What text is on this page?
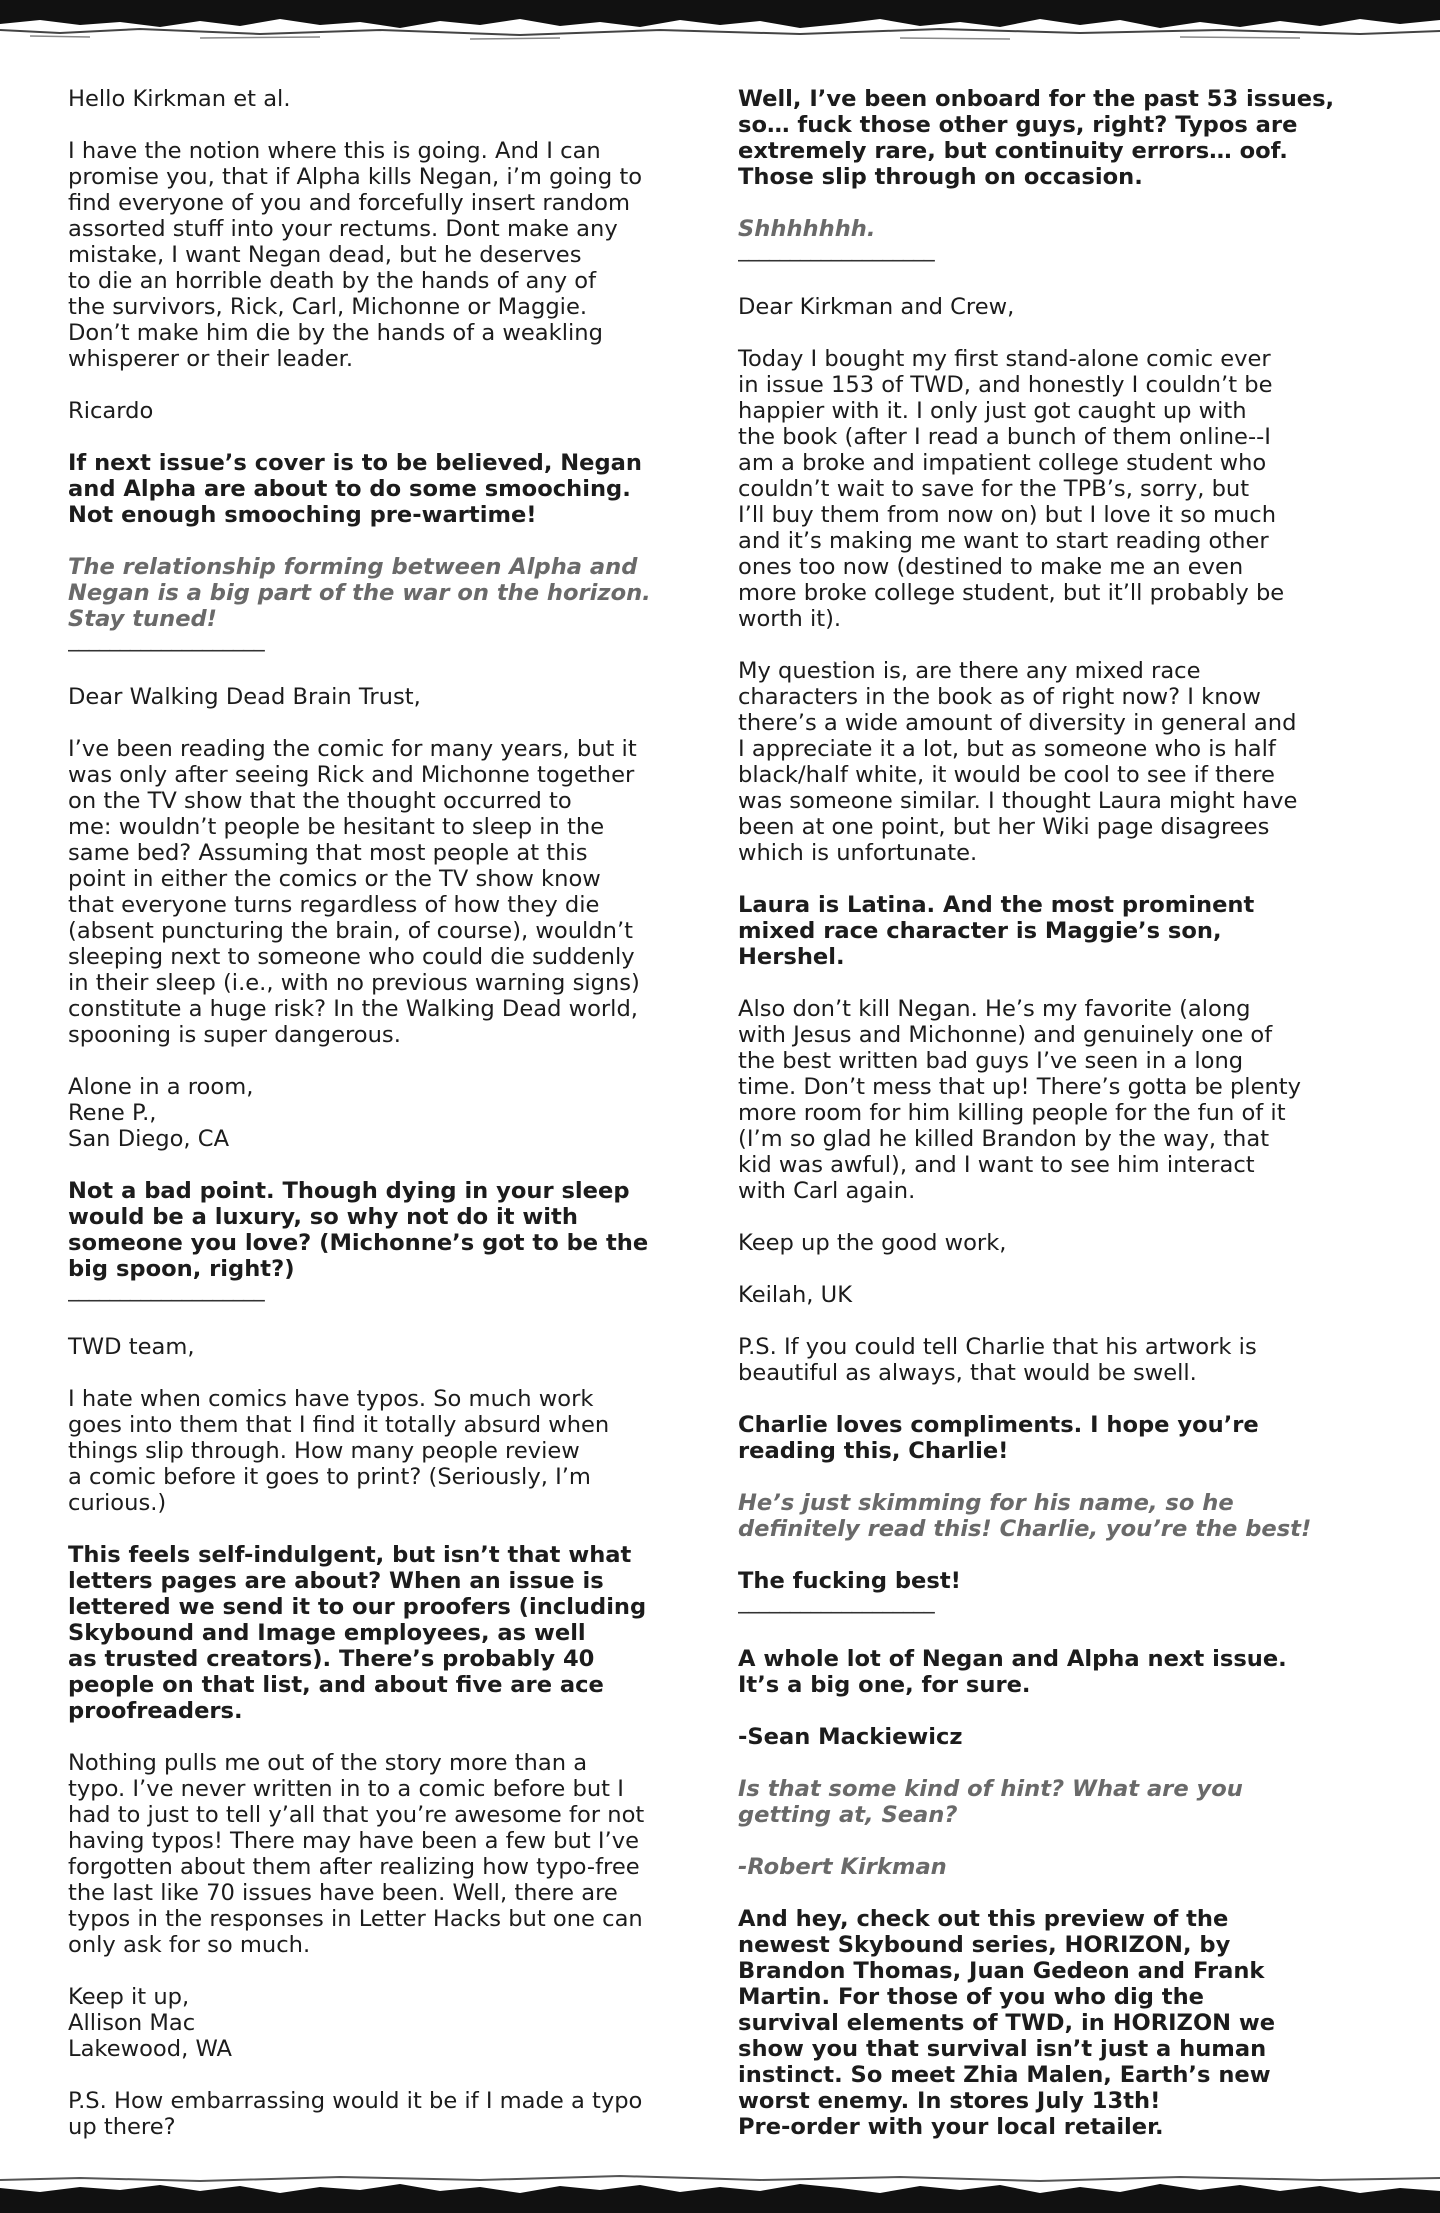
Hello Kirkman et al.

I have the notion where this is going. And I can
promise you, that if Alpha kills Negan, i’m going to
find everyone of you and forcefully insert random
assorted stuff into your rectums. Dont make any
mistake, I want Negan dead, but he deserves
to die an horrible death by the hands of any of
the survivors, Rick, Carl, Michonne or Maggie.
Don’t make him die by the hands of a weakling
whisperer or their leader.

Ricardo

If next issue’s cover is to be believed, Negan
and Alpha are about to do some smooching.
Not enough smooching pre-wartime!

The relationship forming between Alpha and
Negan is a big part of the war on the horizon.
Stay tuned!

___________________

Dear Walking Dead Brain Trust,

I’ve been reading the comic for many years, but it
was only after seeing Rick and Michonne together
on the TV show that the thought occurred to
me: wouldn’t people be hesitant to sleep in the
same bed? Assuming that most people at this
point in either the comics or the TV show know
that everyone turns regardless of how they die
(absent puncturing the brain, of course), wouldn’t
sleeping next to someone who could die suddenly
in their sleep (i.e., with no previous warning signs)
constitute a huge risk? In the Walking Dead world,
spooning is super dangerous.

Alone in a room,
Rene P.,
San Diego, CA

Not a bad point. Though dying in your sleep
would be a luxury, so why not do it with
someone you love? (Michonne’s got to be the
big spoon, right?)

___________________

TWD team,

I hate when comics have typos. So much work
goes into them that I find it totally absurd when
things slip through. How many people review
a comic before it goes to print? (Seriously, I’m
curious.)

This feels self-indulgent, but isn’t that what
letters pages are about? When an issue is
lettered we send it to our proofers (including
Skybound and Image employees, as well
as trusted creators). There’s probably 40
people on that list, and about five are ace
proofreaders.

Nothing pulls me out of the story more than a
typo. I’ve never written in to a comic before but I
had to just to tell y’all that you’re awesome for not
having typos! There may have been a few but I’ve
forgotten about them after realizing how typo-free
the last like 70 issues have been. Well, there are
typos in the responses in Letter Hacks but one can
only ask for so much.

Keep it up,
Allison Mac
Lakewood, WA

P.S. How embarrassing would it be if I made a typo
up there?

Well, I’ve been onboard for the past 53 issues,
so… fuck those other guys, right? Typos are
extremely rare, but continuity errors… oof.
Those slip through on occasion.

Shhhhhhh.

___________________

Dear Kirkman and Crew,

Today I bought my first stand-alone comic ever
in issue 153 of TWD, and honestly I couldn’t be
happier with it. I only just got caught up with
the book (after I read a bunch of them online--I
am a broke and impatient college student who
couldn’t wait to save for the TPB’s, sorry, but
I’ll buy them from now on) but I love it so much
and it’s making me want to start reading other
ones too now (destined to make me an even
more broke college student, but it’ll probably be
worth it).

My question is, are there any mixed race
characters in the book as of right now? I know
there’s a wide amount of diversity in general and
I appreciate it a lot, but as someone who is half
black/half white, it would be cool to see if there
was someone similar. I thought Laura might have
been at one point, but her Wiki page disagrees
which is unfortunate.

Laura is Latina. And the most prominent
mixed race character is Maggie’s son,
Hershel.

Also don’t kill Negan. He’s my favorite (along
with Jesus and Michonne) and genuinely one of
the best written bad guys I’ve seen in a long
time. Don’t mess that up! There’s gotta be plenty
more room for him killing people for the fun of it
(I’m so glad he killed Brandon by the way, that
kid was awful), and I want to see him interact
with Carl again.

Keep up the good work,

Keilah, UK

P.S. If you could tell Charlie that his artwork is
beautiful as always, that would be swell.

Charlie loves compliments. I hope you’re
reading this, Charlie!

He’s just skimming for his name, so he
definitely read this! Charlie, you’re the best!

The fucking best!

___________________

A whole lot of Negan and Alpha next issue.
It’s a big one, for sure.

-Sean Mackiewicz

Is that some kind of hint? What are you
getting at, Sean?

-Robert Kirkman

And hey, check out this preview of the
newest Skybound series, HORIZON, by
Brandon Thomas, Juan Gedeon and Frank
Martin. For those of you who dig the
survival elements of TWD, in HORIZON we
show you that survival isn’t just a human
instinct. So meet Zhia Malen, Earth’s new
worst enemy. In stores July 13th!
Pre-order with your local retailer.
